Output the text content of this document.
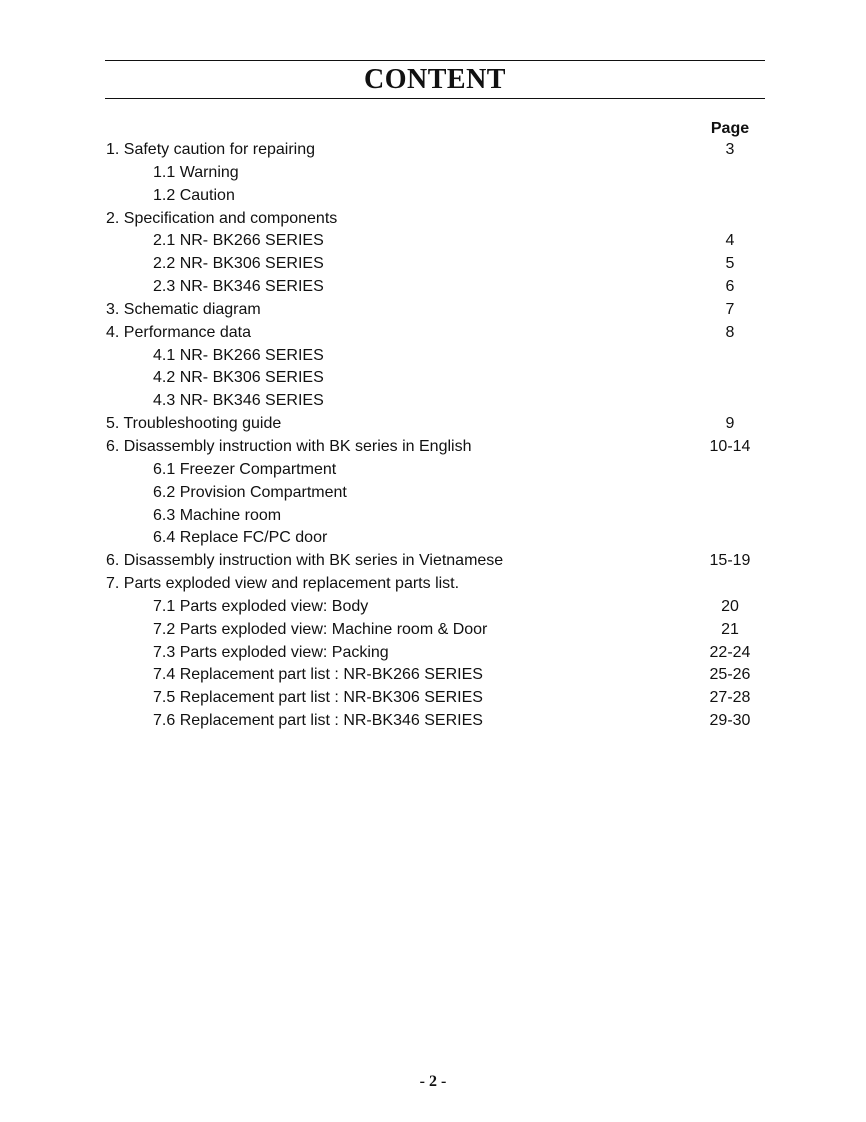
CONTENT
Page
1. Safety caution for repairing	3
1.1 Warning
1.2 Caution
2. Specification and components
2.1 NR- BK266 SERIES	4
2.2 NR- BK306 SERIES	5
2.3 NR- BK346 SERIES	6
3. Schematic diagram	7
4. Performance data	8
4.1 NR- BK266 SERIES
4.2 NR- BK306 SERIES
4.3 NR- BK346 SERIES
5. Troubleshooting guide	9
6. Disassembly instruction with BK series in English	10-14
6.1 Freezer Compartment
6.2 Provision Compartment
6.3 Machine room
6.4 Replace FC/PC door
6. Disassembly instruction with BK series in Vietnamese	15-19
7. Parts exploded view and replacement parts list.
7.1 Parts exploded view: Body	20
7.2 Parts exploded view: Machine room & Door	21
7.3 Parts exploded view: Packing	22-24
7.4 Replacement part list : NR-BK266 SERIES	25-26
7.5 Replacement part list : NR-BK306 SERIES	27-28
7.6 Replacement part list : NR-BK346 SERIES	29-30
- 2 -
